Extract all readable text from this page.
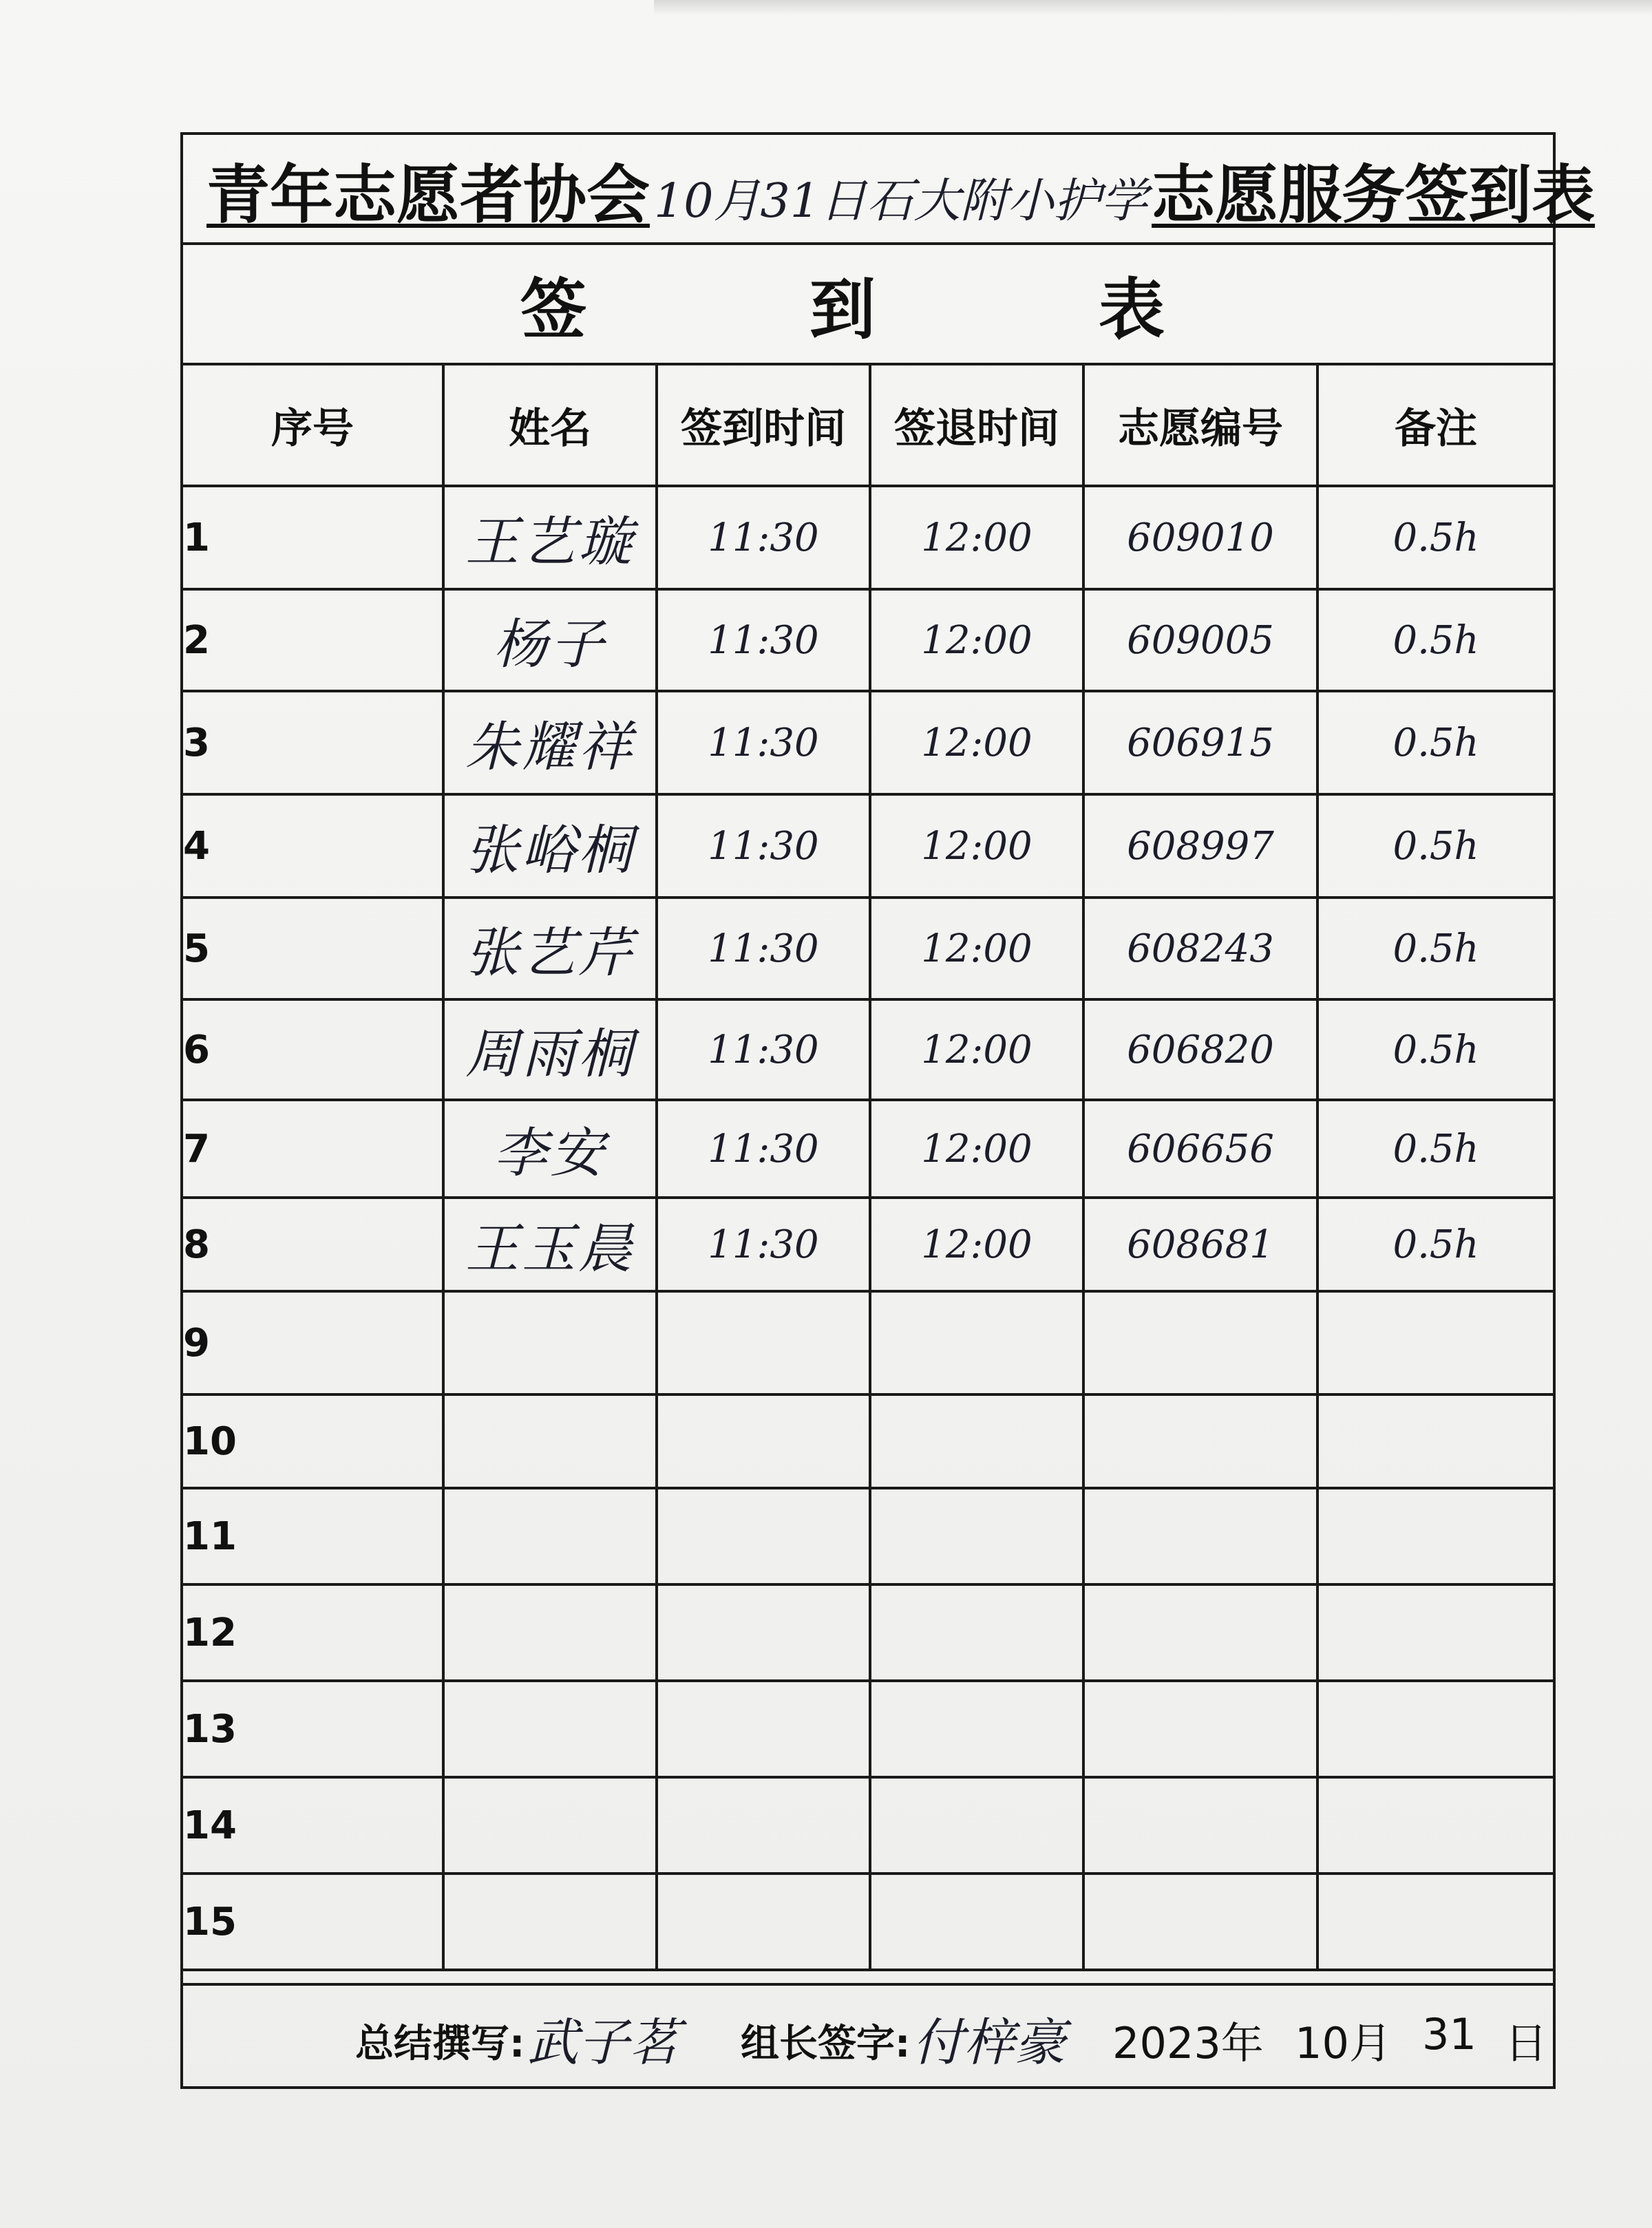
青年志愿者协会10月31日石大附小护学志愿服务签到表
签	到	表
序号	姓名	签到时间	签退时间	志愿编号	备注
1	王艺璇	11:30	12:00	609010	0.5h
2	杨子	11:30	12:00	609005	0.5h
3	朱耀祥	11:30	12:00	606915	0.5h
4	张峪桐	11:30	12:00	608997	0.5h
5	张艺芹	11:30	12:00	608243	0.5h
6	周雨桐	11:30	12:00	606820	0.5h
7	李安	11:30	12:00	606656	0.5h
8	王玉晨	11:30	12:00	608681	0.5h
9					
10					
11					
12					
13					
14					
15					
总结撰写: 武子茗 组长签字: 付梓豪 2023年 10月 31 日
